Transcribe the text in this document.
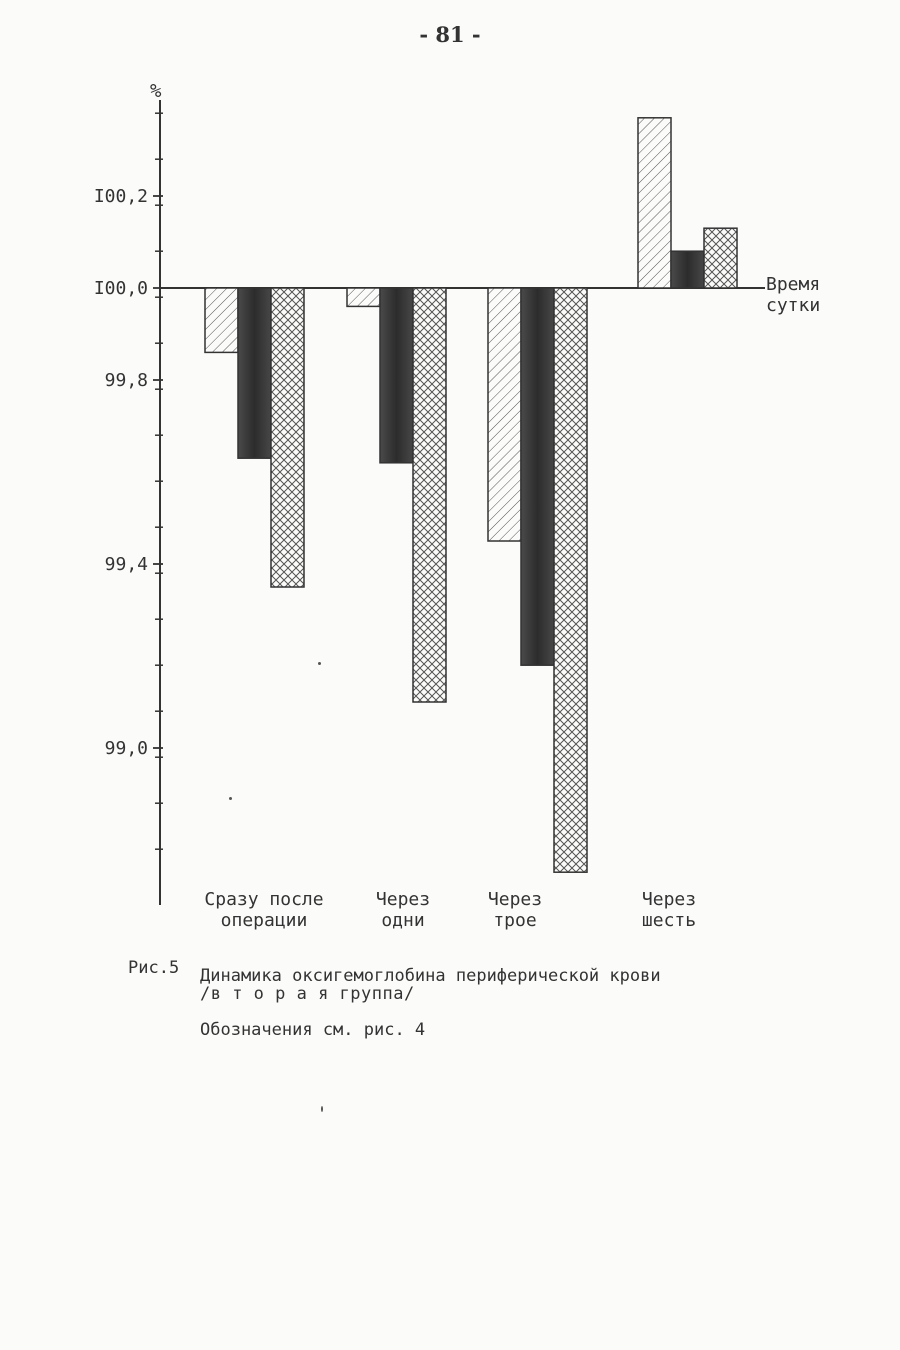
- 81 -
I00,2
I00,0
99,8
99,4
99,0
%
Время
сутки
Сразу после
операции
Через
одни
Через
трое
Через
шесть
Рис.5 Динамика оксигемоглобина периферической крови
/в т о р а я группа/
Обозначения см. рис. 4
